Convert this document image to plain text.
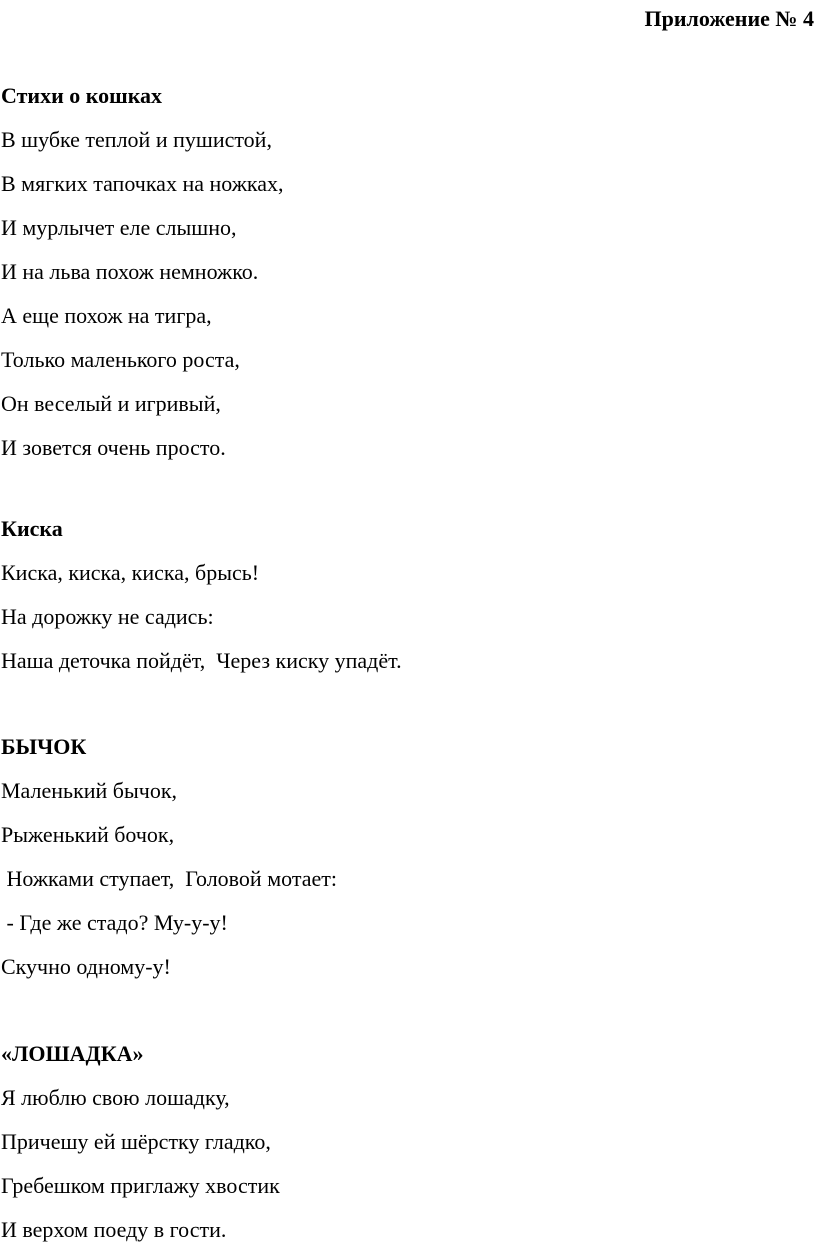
Приложение № 4
Стихи о кошках
В шубке теплой и пушистой,
В мягких тапочках на ножках,
И мурлычет еле слышно,
И на льва похож немножко.
А еще похож на тигра,
Только маленького роста,
Он веселый и игривый,
И зовется очень просто.
Киска
Киска, киска, киска, брысь!
На дорожку не садись:
Наша деточка пойдёт,  Через киску упадёт.
БЫЧОК
Маленький бычок,
Рыженький бочок,
Ножками ступает,  Головой мотает:
- Где же стадо? Му-у-у!
Скучно одному-у!
«ЛОШАДКА»
Я люблю свою лошадку,
Причешу ей шёрстку гладко,
Гребешком приглажу хвостик
И верхом поеду в гости.
